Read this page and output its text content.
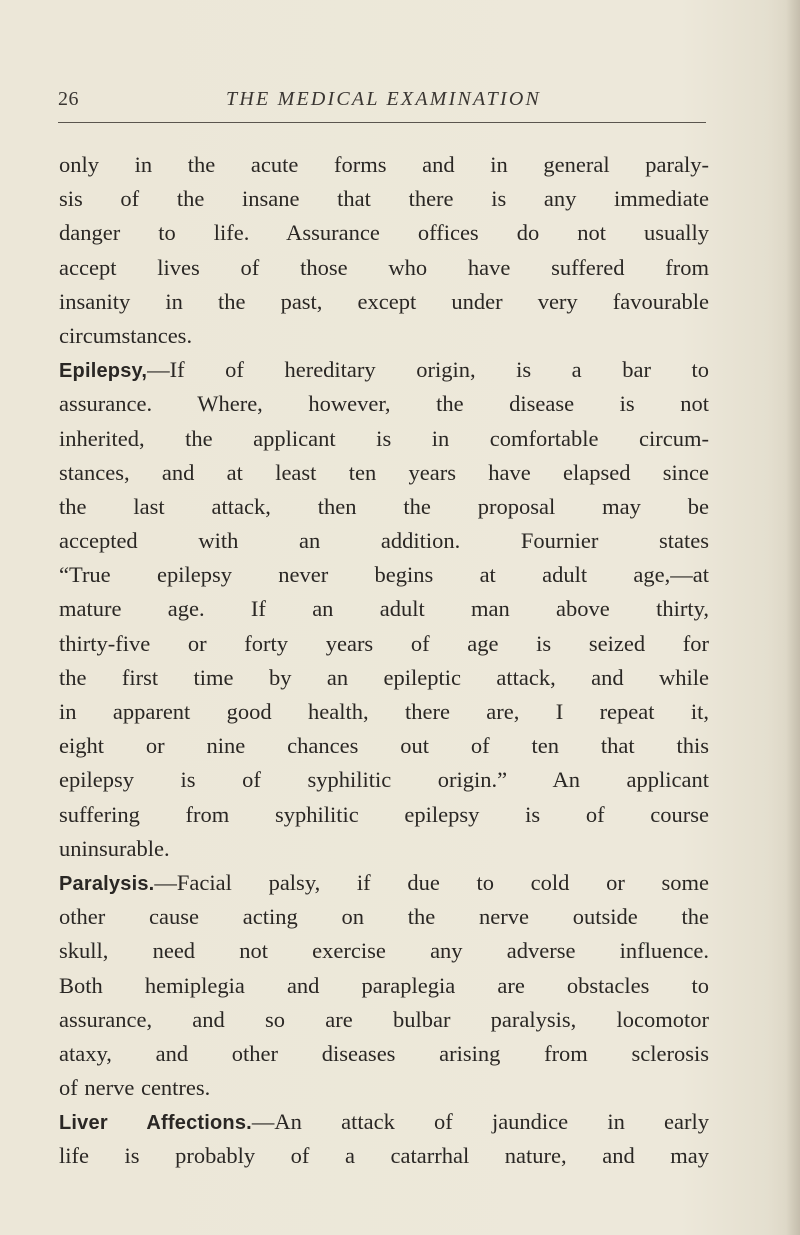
26	THE MEDICAL EXAMINATION
only in the acute forms and in general paraly-
sis of the insane that there is any immediate
danger to life. Assurance offices do not usually
accept lives of those who have suffered from
insanity in the past, except under very favourable
circumstances.
Epilepsy,—If of hereditary origin, is a bar to
assurance. Where, however, the disease is not
inherited, the applicant is in comfortable circum-
stances, and at least ten years have elapsed since
the last attack, then the proposal may be
accepted with an addition. Fournier states
“True epilepsy never begins at adult age,—at
mature age. If an adult man above thirty,
thirty-five or forty years of age is seized for
the first time by an epileptic attack, and while
in apparent good health, there are, I repeat it,
eight or nine chances out of ten that this
epilepsy is of syphilitic origin.” An applicant
suffering from syphilitic epilepsy is of course
uninsurable.
Paralysis.—Facial palsy, if due to cold or some
other cause acting on the nerve outside the
skull, need not exercise any adverse influence.
Both hemiplegia and paraplegia are obstacles to
assurance, and so are bulbar paralysis, locomotor
ataxy, and other diseases arising from sclerosis
of nerve centres.
Liver Affections.—An attack of jaundice in early
life is probably of a catarrhal nature, and may
